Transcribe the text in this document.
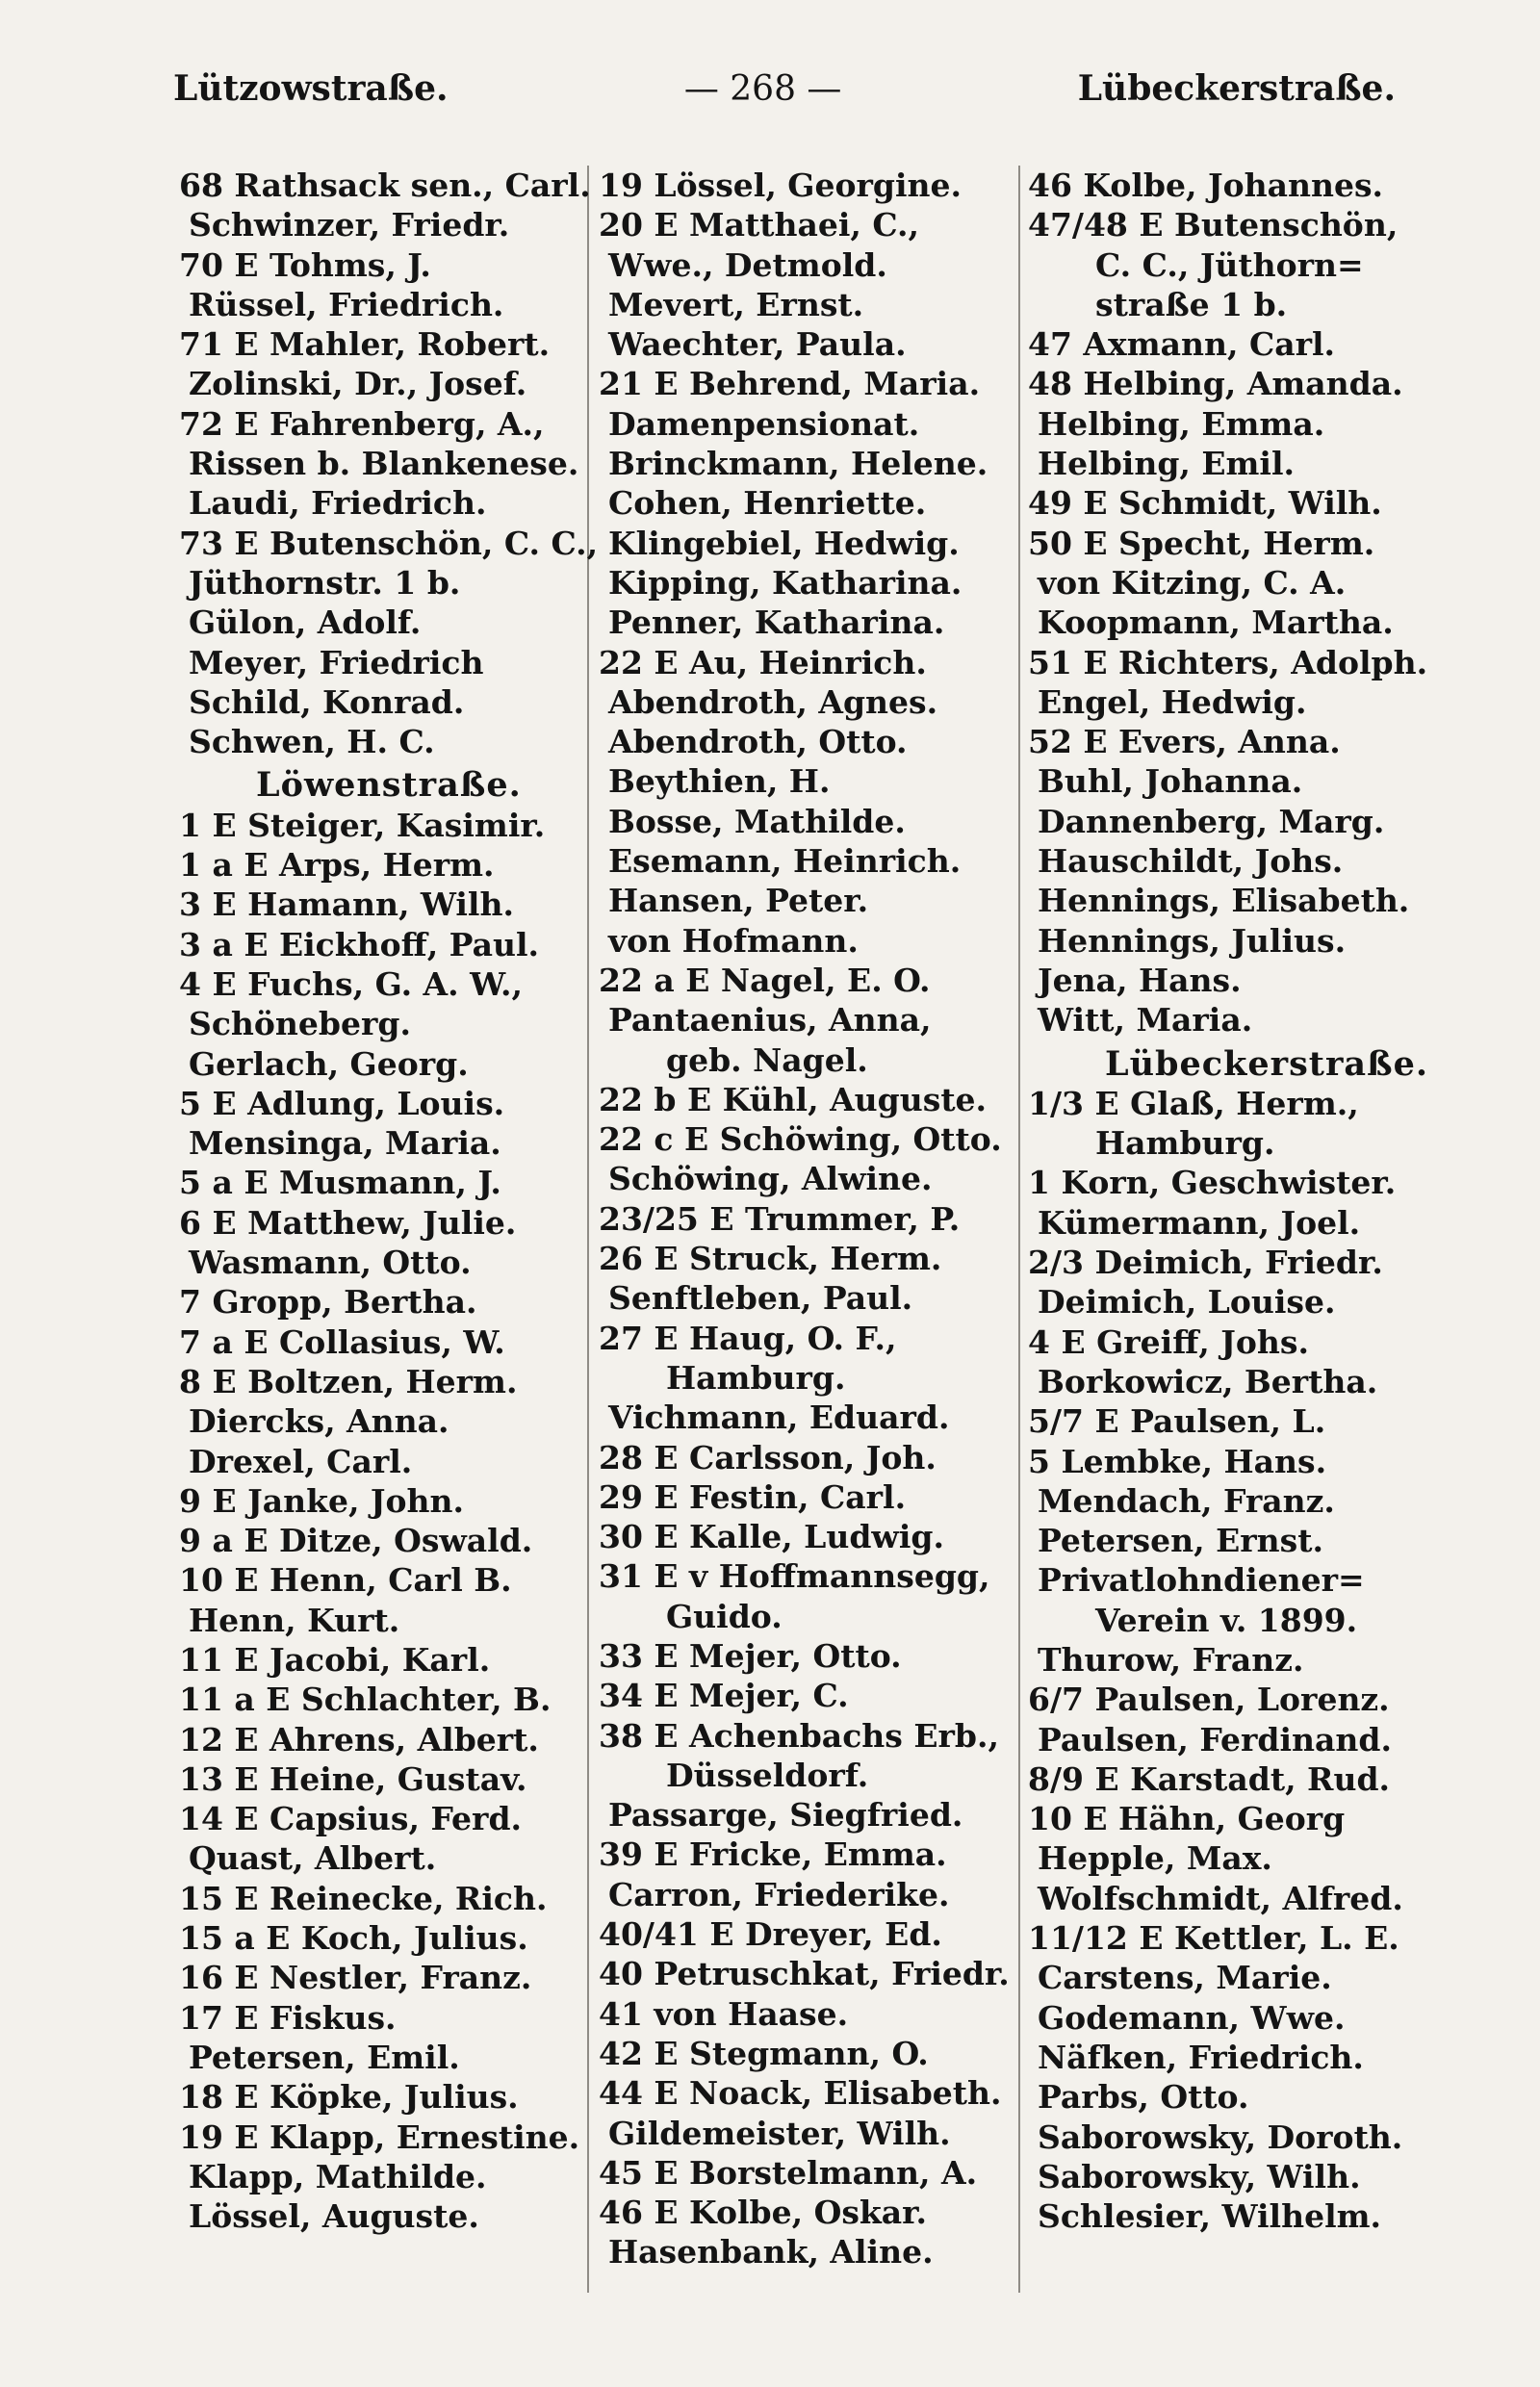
Lützowstraße.	— 268 —	Lübeckerstraße.
68 Rathsack sen., Carl.
Schwinzer, Friedr.
70 E Tohms, J.
Rüssel, Friedrich.
71 E Mahler, Robert.
Zolinski, Dr., Josef.
72 E Fahrenberg, A.,
Rissen b. Blankenese.
Laudi, Friedrich.
73 E Butenschön, C. C.,
Jüthornstr. 1 b.
Gülon, Adolf.
Meyer, Friedrich
Schild, Konrad.
Schwen, H. C.
Löwenstraße.
1 E Steiger, Kasimir.
1 a E Arps, Herm.
3 E Hamann, Wilh.
3 a E Eickhoff, Paul.
4 E Fuchs, G. A. W.,
Schöneberg.
Gerlach, Georg.
5 E Adlung, Louis.
Mensinga, Maria.
5 a E Musmann, J.
6 E Matthew, Julie.
Wasmann, Otto.
7 Gropp, Bertha.
7 a E Collasius, W.
8 E Boltzen, Herm.
Diercks, Anna.
Drexel, Carl.
9 E Janke, John.
9 a E Ditze, Oswald.
10 E Henn, Carl B.
Henn, Kurt.
11 E Jacobi, Karl.
11 a E Schlachter, B.
12 E Ahrens, Albert.
13 E Heine, Gustav.
14 E Capsius, Ferd.
Quast, Albert.
15 E Reinecke, Rich.
15 a E Koch, Julius.
16 E Nestler, Franz.
17 E Fiskus.
Petersen, Emil.
18 E Köpke, Julius.
19 E Klapp, Ernestine.
Klapp, Mathilde.
Lössel, Auguste.
19 Lössel, Georgine.
20 E Matthaei, C.,
Wwe., Detmold.
Mevert, Ernst.
Waechter, Paula.
21 E Behrend, Maria.
Damenpensionat.
Brinckmann, Helene.
Cohen, Henriette.
Klingebiel, Hedwig.
Kipping, Katharina.
Penner, Katharina.
22 E Au, Heinrich.
Abendroth, Agnes.
Abendroth, Otto.
Beythien, H.
Bosse, Mathilde.
Esemann, Heinrich.
Hansen, Peter.
von Hofmann.
22 a E Nagel, E. O.
Pantaenius, Anna,
geb. Nagel.
22 b E Kühl, Auguste.
22 c E Schöwing, Otto.
Schöwing, Alwine.
23/25 E Trummer, P.
26 E Struck, Herm.
Senftleben, Paul.
27 E Haug, O. F.,
Hamburg.
Vichmann, Eduard.
28 E Carlsson, Joh.
29 E Festin, Carl.
30 E Kalle, Ludwig.
31 E v Hoffmannsegg,
Guido.
33 E Mejer, Otto.
34 E Mejer, C.
38 E Achenbachs Erb.,
Düsseldorf.
Passarge, Siegfried.
39 E Fricke, Emma.
Carron, Friederike.
40/41 E Dreyer, Ed.
40 Petruschkat, Friedr.
41 von Haase.
42 E Stegmann, O.
44 E Noack, Elisabeth.
Gildemeister, Wilh.
45 E Borstelmann, A.
46 E Kolbe, Oskar.
Hasenbank, Aline.
46 Kolbe, Johannes.
47/48 E Butenschön,
C. C., Jüthorn=
straße 1 b.
47 Axmann, Carl.
48 Helbing, Amanda.
Helbing, Emma.
Helbing, Emil.
49 E Schmidt, Wilh.
50 E Specht, Herm.
von Kitzing, C. A.
Koopmann, Martha.
51 E Richters, Adolph.
Engel, Hedwig.
52 E Evers, Anna.
Buhl, Johanna.
Dannenberg, Marg.
Hauschildt, Johs.
Hennings, Elisabeth.
Hennings, Julius.
Jena, Hans.
Witt, Maria.
Lübeckerstraße.
1/3 E Glaß, Herm.,
Hamburg.
1 Korn, Geschwister.
Kümermann, Joel.
2/3 Deimich, Friedr.
Deimich, Louise.
4 E Greiff, Johs.
Borkowicz, Bertha.
5/7 E Paulsen, L.
5 Lembke, Hans.
Mendach, Franz.
Petersen, Ernst.
Privatlohndiener=
Verein v. 1899.
Thurow, Franz.
6/7 Paulsen, Lorenz.
Paulsen, Ferdinand.
8/9 E Karstadt, Rud.
10 E Hähn, Georg
Hepple, Max.
Wolfschmidt, Alfred.
11/12 E Kettler, L. E.
Carstens, Marie.
Godemann, Wwe.
Näfken, Friedrich.
Parbs, Otto.
Saborowsky, Doroth.
Saborowsky, Wilh.
Schlesier, Wilhelm.
